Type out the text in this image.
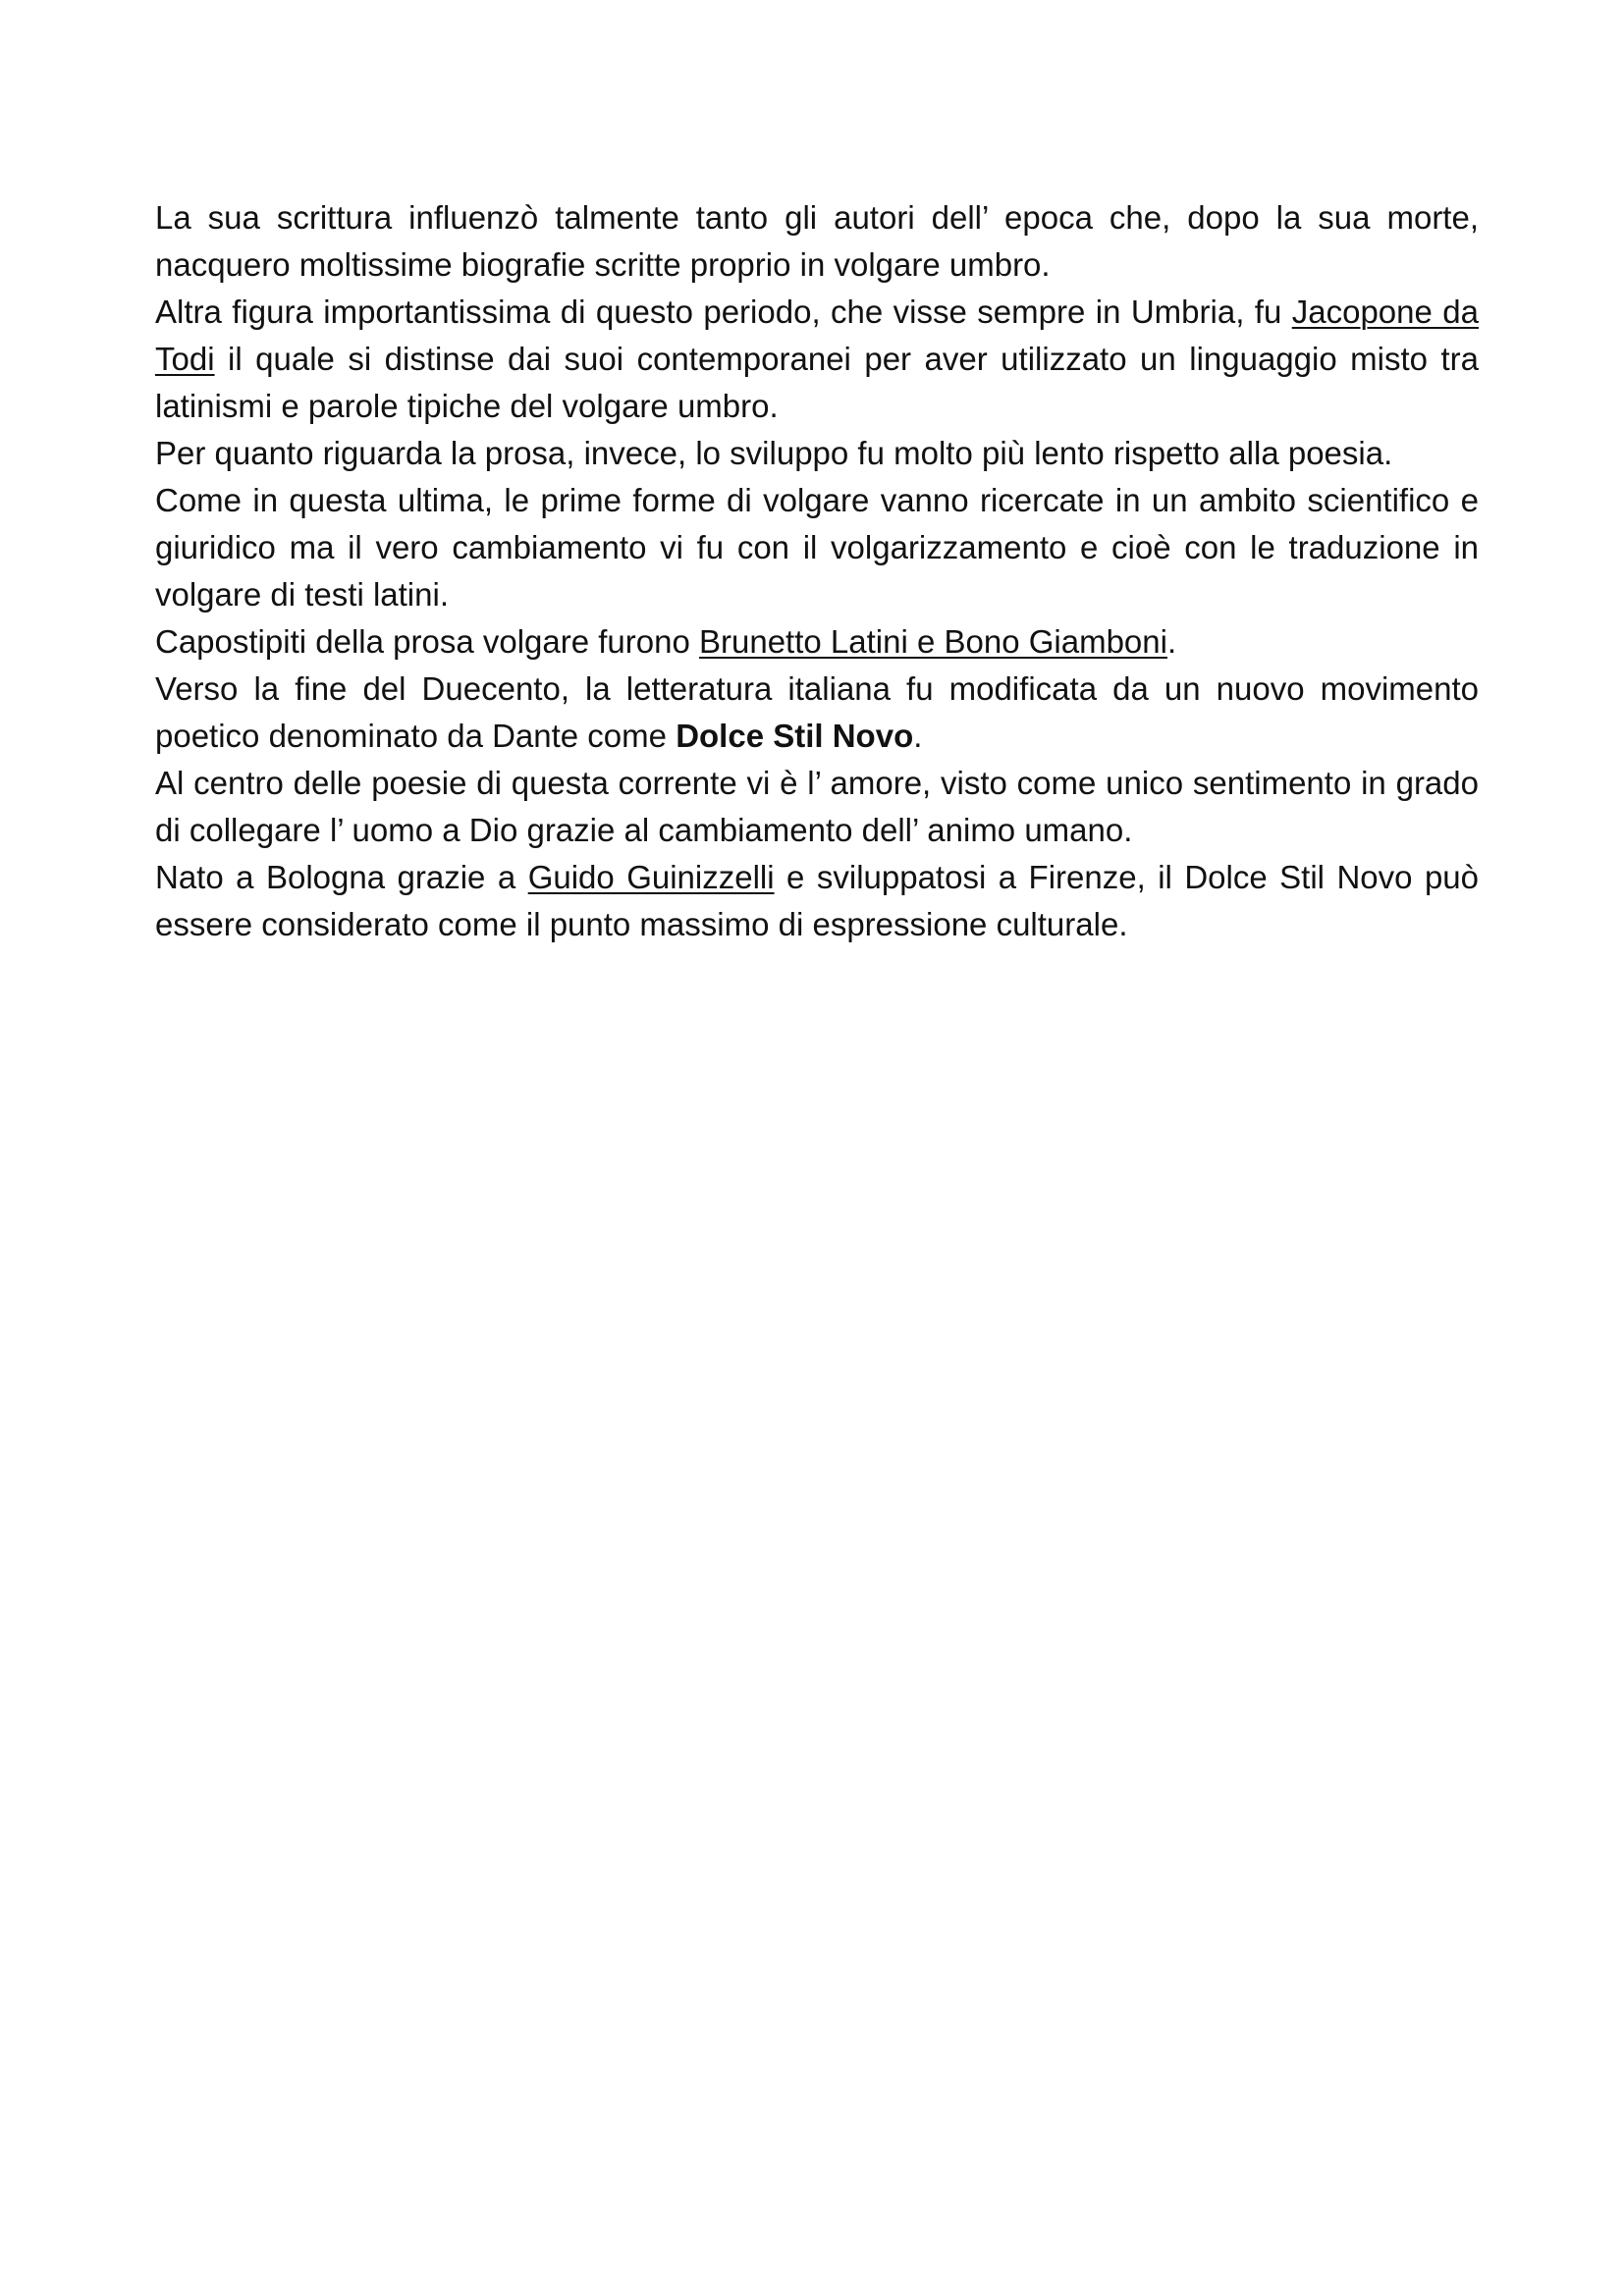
La sua scrittura influenzò talmente tanto gli autori dell’ epoca che, dopo la sua morte, nacquero moltissime biografie scritte proprio in volgare umbro.

Altra figura importantissima di questo periodo, che visse sempre in Umbria, fu Jacopone da Todi il quale si distinse dai suoi contemporanei per aver utilizzato un linguaggio misto tra latinismi e parole tipiche del volgare umbro.

Per quanto riguarda la prosa, invece, lo sviluppo fu molto più lento rispetto alla poesia.

Come in questa ultima, le prime forme di volgare vanno ricercate in un ambito scientifico e giuridico ma il vero cambiamento vi fu con il volgarizzamento e cioè con le traduzione in volgare di testi latini.

Capostipiti della prosa volgare furono Brunetto Latini e Bono Giamboni.

Verso la fine del Duecento, la letteratura italiana fu modificata da un nuovo movimento poetico denominato da Dante come Dolce Stil Novo.

Al centro delle poesie di questa corrente vi è l’ amore, visto come unico sentimento in grado di collegare l’ uomo a Dio grazie al cambiamento dell’ animo umano.

Nato a Bologna grazie a Guido Guinizzelli e sviluppatosi a Firenze, il Dolce Stil Novo può essere considerato come il punto massimo di espressione culturale.
